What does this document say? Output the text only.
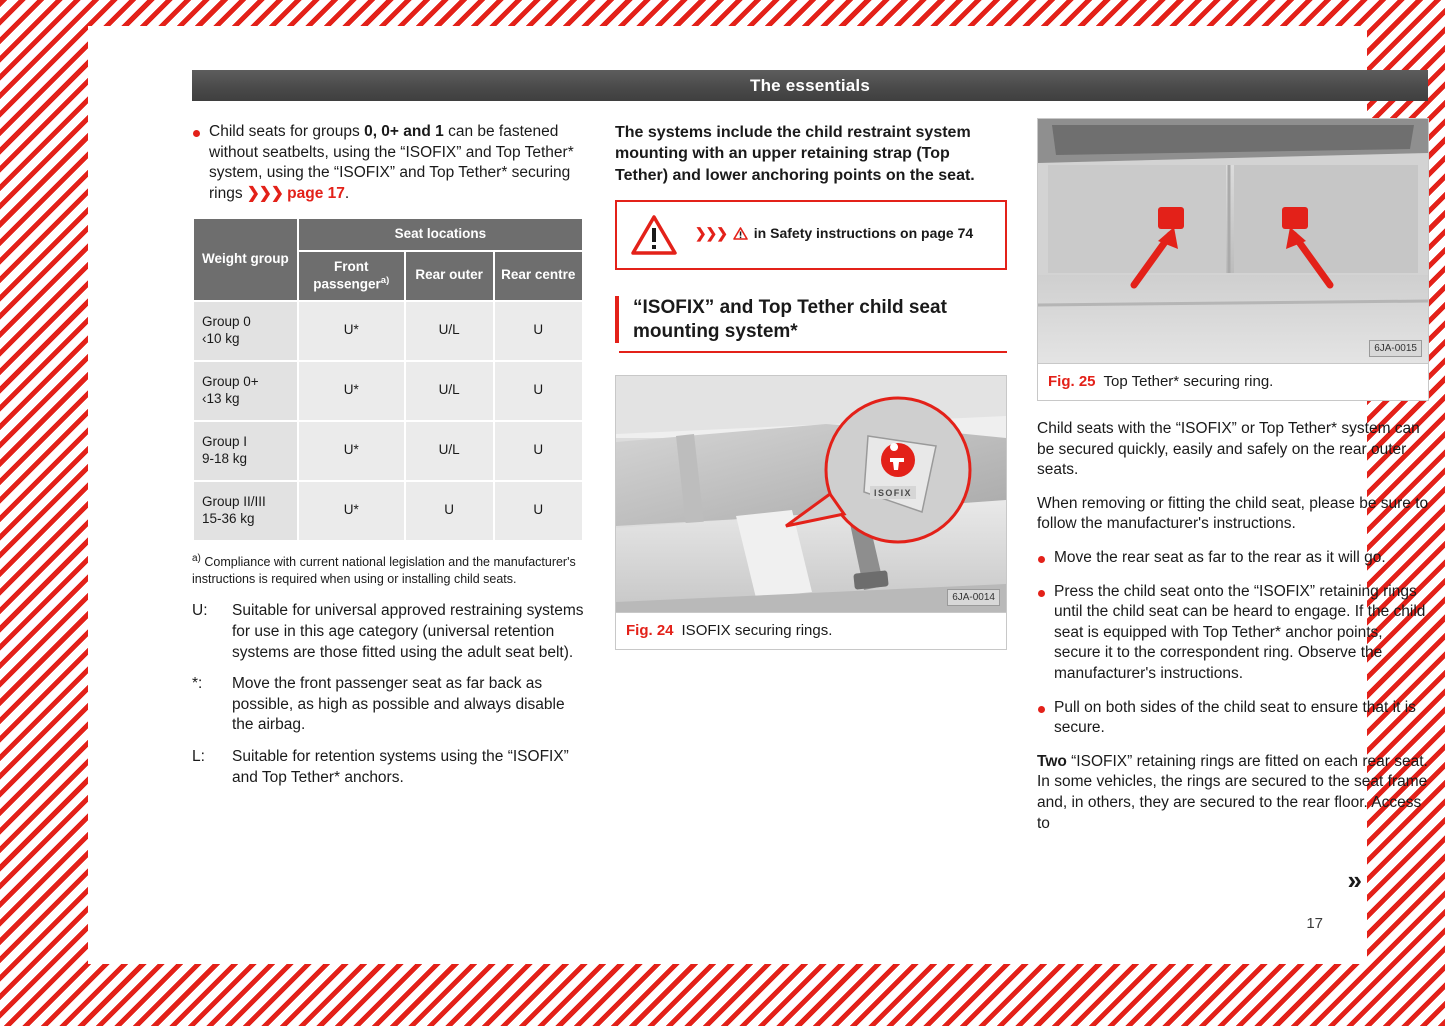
17
The essentials
Child seats for groups 0, 0+ and 1 can be fastened without seatbelts, using the “ISOFIX” and Top Tether* system, using the “ISOFIX” and Top Tether* securing rings ❯❯❯ page 17.
Weight group	Seat locations		
	Front passenger$^{a)}$	Rear outer	Rear centre
Group 0
‹10 kg	U*	U/L	U
Group 0+
‹13 kg	U*	U/L	U
Group I
9-18 kg	U*	U/L	U
Group II/III
15-36 kg	U*	U	U
$^{a)}$ Compliance with current national legislation and the manufacturer's instructions is required when using or installing child seats.
U:	Suitable for universal approved restraining systems for use in this age category (universal retention systems are those fitted using the adult seat belt).
*:	Move the front passenger seat as far back as possible, as high as possible and always disable the airbag.
L:	Suitable for retention systems using the “ISOFIX” and Top Tether* anchors.

The systems include the child restraint system mounting with an upper retaining strap (Top Tether) and lower anchoring points on the seat.

❯❯❯ in Safety instructions on page 74
“ISOFIX” and Top Tether child seat mounting system*
ISOFIX
6JA-0014
Fig. 24 ISOFIX securing rings.
6JA-0015
Fig. 25 Top Tether* securing ring.

Child seats with the “ISOFIX” or Top Tether* system can be secured quickly, easily and safely on the rear outer seats.

When removing or fitting the child seat, please be sure to follow the manufacturer's instructions.

Move the rear seat as far to the rear as it will go.
Press the child seat onto the “ISOFIX” retaining rings until the child seat can be heard to engage. If the child seat is equipped with Top Tether* anchor points, secure it to the correspondent ring. Observe the manufacturer's instructions.
Pull on both sides of the child seat to ensure that it is secure.

Two “ISOFIX” retaining rings are fitted on each rear seat. In some vehicles, the rings are secured to the seat frame and, in others, they are secured to the rear floor. Access to

»
